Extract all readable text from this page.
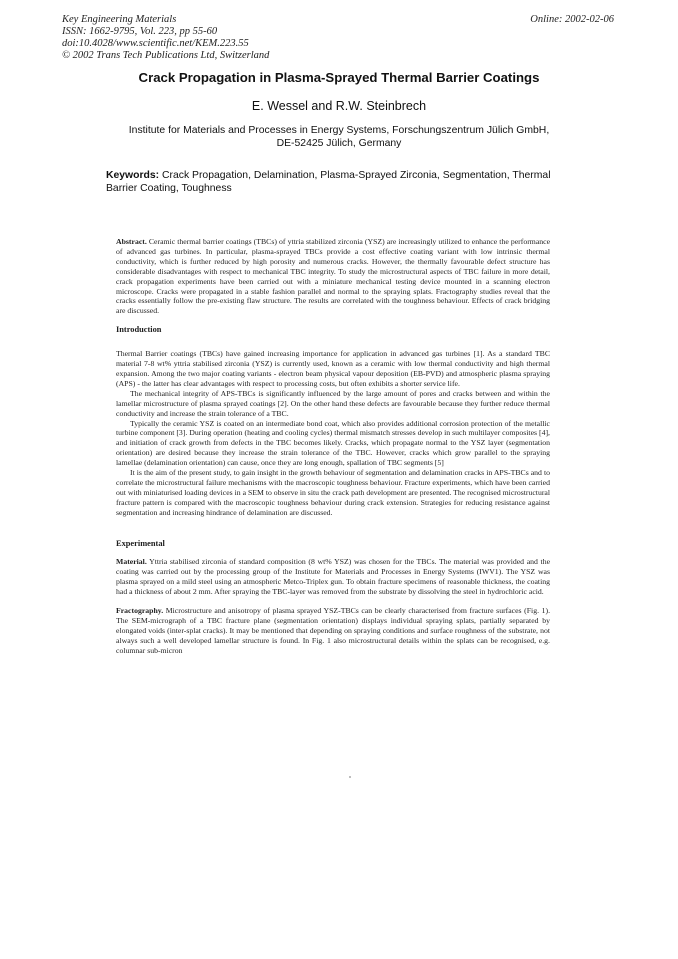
Key Engineering Materials
ISSN: 1662-9795, Vol. 223, pp 55-60
doi:10.4028/www.scientific.net/KEM.223.55
© 2002 Trans Tech Publications Ltd, Switzerland
Online: 2002-02-06
Crack Propagation in Plasma-Sprayed Thermal Barrier Coatings
E. Wessel and R.W. Steinbrech
Institute for Materials and Processes in Energy Systems, Forschungszentrum Jülich GmbH,
DE-52425 Jülich, Germany
Keywords: Crack Propagation, Delamination, Plasma-Sprayed Zirconia, Segmentation, Thermal Barrier Coating, Toughness

Abstract. Ceramic thermal barrier coatings (TBCs) of yttria stabilized zirconia (YSZ) are increasingly utilized to enhance the performance of advanced gas turbines. In particular, plasma-sprayed TBCs provide a cost effective coating variant with low intrinsic thermal conductivity, which is further reduced by high porosity and numerous cracks. However, the thermally favourable defect structure has considerable disadvantages with respect to mechanical TBC integrity. To study the microstructural aspects of TBC failure in more detail, crack propagation experiments have been carried out with a miniature mechanical testing device mounted in a scanning electron microscope. Cracks were propagated in a stable fashion parallel and normal to the spraying splats. Fractography studies reveal that the cracks essentially follow the pre-existing flaw structure. The results are correlated with the toughness behaviour. Effects of crack bridging are discussed.

Introduction

Thermal Barrier coatings (TBCs) have gained increasing importance for application in advanced gas turbines [1]. As a standard TBC material 7-8 wt% yttria stabilised zirconia (YSZ) is currently used, known as a ceramic with low thermal conductivity and high thermal expansion. Among the two major coating variants - electron beam physical vapour deposition (EB-PVD) and atmospheric plasma spraying (APS) - the latter has clear advantages with respect to processing costs, but often exhibits a shorter service life.

The mechanical integrity of APS-TBCs is significantly influenced by the large amount of pores and cracks between and within the lamellar microstructure of plasma sprayed coatings [2]. On the other hand these defects are favourable because they further reduce thermal conductivity and increase the strain tolerance of a TBC.

Typically the ceramic YSZ is coated on an intermediate bond coat, which also provides additional corrosion protection of the metallic turbine component [3]. During operation (heating and cooling cycles) thermal mismatch stresses develop in such multilayer composites [4], and initiation of crack growth from defects in the TBC becomes likely. Cracks, which propagate normal to the YSZ layer (segmentation orientation) are desired because they increase the strain tolerance of the TBC. However, cracks which grow parallel to the spraying lamellae (delamination orientation) can cause, once they are long enough, spallation of TBC segments [5]

It is the aim of the present study, to gain insight in the growth behaviour of segmentation and delamination cracks in APS-TBCs and to correlate the microstructural failure mechanisms with the macroscopic toughness behaviour. Fracture experiments, which have been carried out with miniaturised loading devices in a SEM to observe in situ the crack path development are presented. The recognised microstructural fracture pattern is compared with the macroscopic toughness behaviour during crack extension. Strategies for reducing resistance against segmentation and increasing hindrance of delamination are discussed.

Experimental

Material. Yttria stabilised zirconia of standard composition (8 wt% YSZ) was chosen for the TBCs. The material was provided and the coating was carried out by the processing group of the Institute for Materials and Processes in Energy Systems (IWV1). The YSZ was plasma sprayed on a mild steel using an atmospheric Metco-Triplex gun. To obtain fracture specimens of reasonable thickness, the coating had a thickness of about 2 mm. After spraying the TBC-layer was removed from the substrate by dissolving the steel in hydrochloric acid.

Fractography. Microstructure and anisotropy of plasma sprayed YSZ-TBCs can be clearly characterised from fracture surfaces (Fig. 1). The SEM-micrograph of a TBC fracture plane (segmentation orientation) displays individual spraying splats, partially separated by elongated voids (inter-splat cracks). It may be mentioned that depending on spraying conditions and surface roughness of the substrate, not always such a well developed lamellar structure is found. In Fig. 1 also microstructural details within the splats can be recognised, e.g. columnar sub-micron
